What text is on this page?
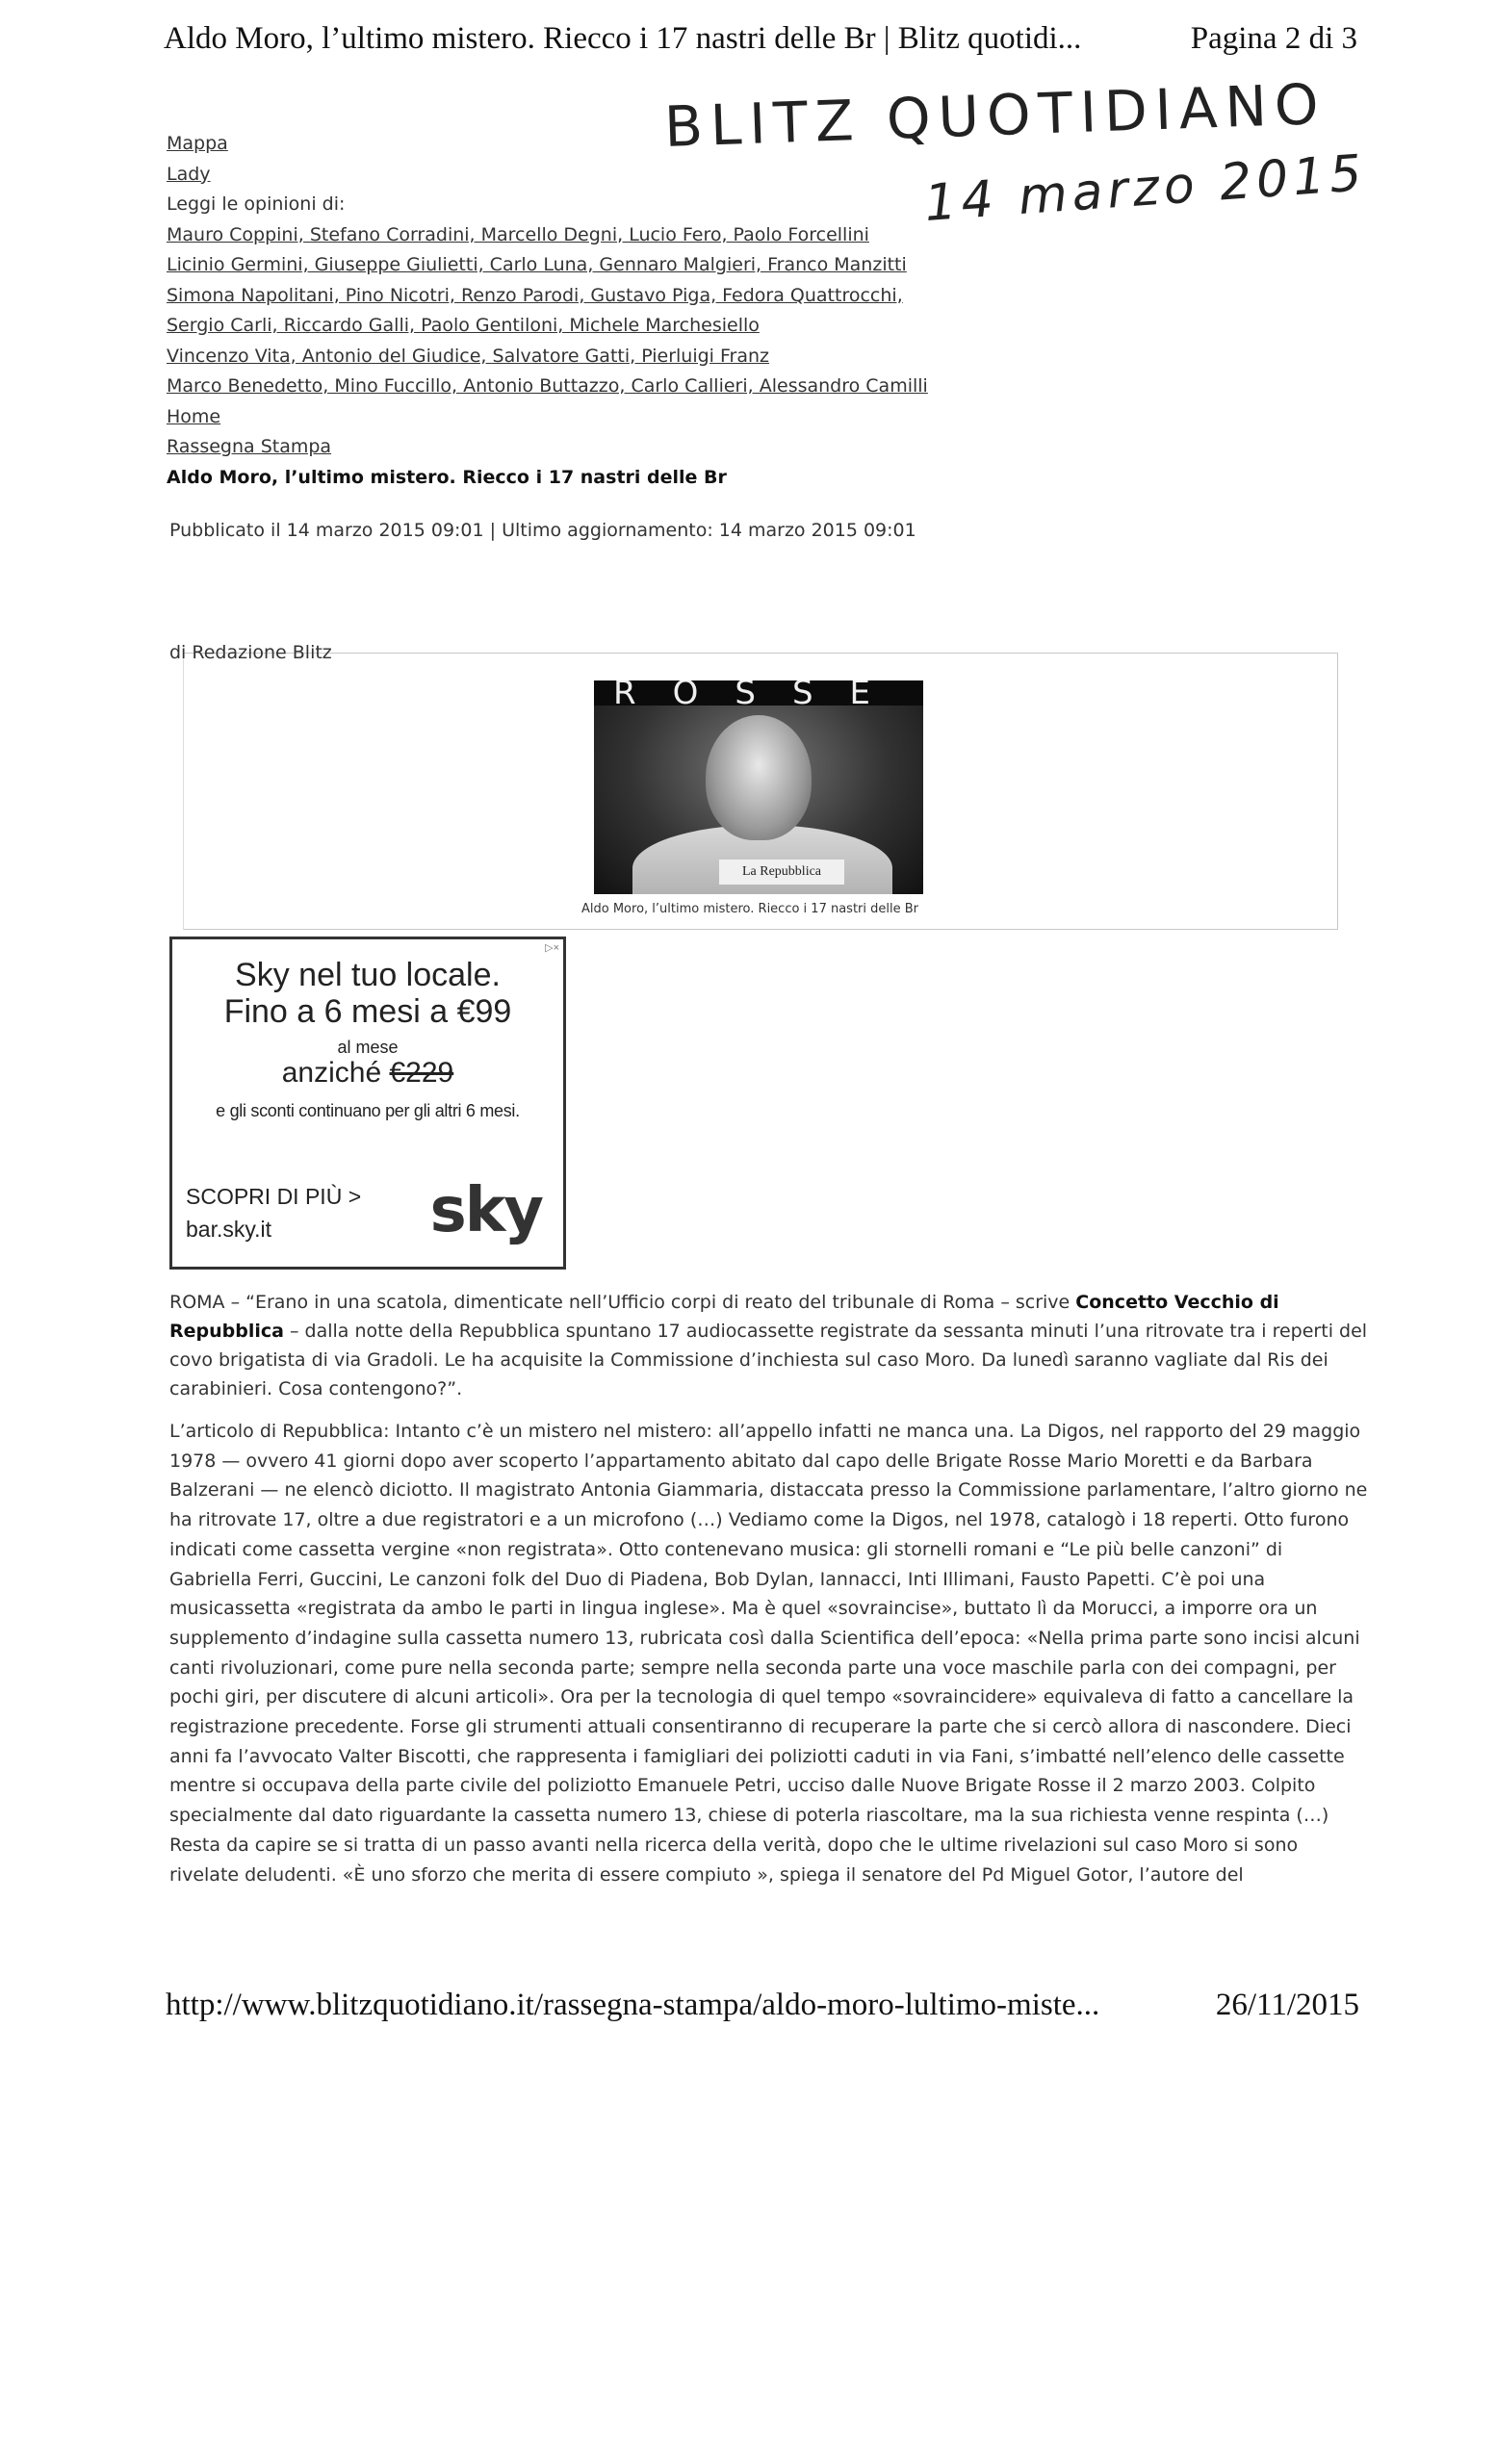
Aldo Moro, l’ultimo mistero. Riecco i 17 nastri delle Br | Blitz quotidi...	Pagina 2 di 3
BLITZ QUOTIDIANO
14 marzo 2015
Mappa
Lady
Leggi le opinioni di:
Mauro Coppini, Stefano Corradini, Marcello Degni, Lucio Fero, Paolo Forcellini
Licinio Germini, Giuseppe Giulietti, Carlo Luna, Gennaro Malgieri, Franco Manzitti
Simona Napolitani, Pino Nicotri, Renzo Parodi, Gustavo Piga, Fedora Quattrocchi,
Sergio Carli, Riccardo Galli, Paolo Gentiloni, Michele Marchesiello
Vincenzo Vita, Antonio del Giudice, Salvatore Gatti, Pierluigi Franz
Marco Benedetto, Mino Fuccillo, Antonio Buttazzo, Carlo Callieri, Alessandro Camilli
Home
Rassegna Stampa
Aldo Moro, l’ultimo mistero. Riecco i 17 nastri delle Br
Pubblicato il 14 marzo 2015 09:01 | Ultimo aggiornamento: 14 marzo 2015 09:01
di Redazione Blitz
ROSSE
La Repubblica
Aldo Moro, l’ultimo mistero. Riecco i 17 nastri delle Br
▷×
Sky nel tuo locale.
Fino a 6 mesi a €99
al mese
anziché €229
e gli sconti continuano per gli altri 6 mesi.
SCOPRI DI PIÙ >
bar.sky.it	sky
ROMA – “Erano in una scatola, dimenticate nell’Ufficio corpi di reato del tribunale di Roma – scrive Concetto Vecchio di Repubblica – dalla notte della Repubblica spuntano 17 audiocassette registrate da sessanta minuti l’una ritrovate tra i reperti del covo brigatista di via Gradoli. Le ha acquisite la Commissione d’inchiesta sul caso Moro. Da lunedì saranno vagliate dal Ris dei carabinieri. Cosa contengono?”.
L’articolo di Repubblica: Intanto c’è un mistero nel mistero: all’appello infatti ne manca una. La Digos, nel rapporto del 29 maggio 1978 — ovvero 41 giorni dopo aver scoperto l’appartamento abitato dal capo delle Brigate Rosse Mario Moretti e da Barbara Balzerani — ne elencò diciotto. Il magistrato Antonia Giammaria, distaccata presso la Commissione parlamentare, l’altro giorno ne ha ritrovate 17, oltre a due registratori e a un microfono (…) Vediamo come la Digos, nel 1978, catalogò i 18 reperti. Otto furono indicati come cassetta vergine «non registrata». Otto contenevano musica: gli stornelli romani e “Le più belle canzoni” di Gabriella Ferri, Guccini, Le canzoni folk del Duo di Piadena, Bob Dylan, Iannacci, Inti Illimani, Fausto Papetti. C’è poi una musicassetta «registrata da ambo le parti in lingua inglese». Ma è quel «sovraincise», buttato lì da Morucci, a imporre ora un supplemento d’indagine sulla cassetta numero 13, rubricata così dalla Scientifica dell’epoca: «Nella prima parte sono incisi alcuni canti rivoluzionari, come pure nella seconda parte; sempre nella seconda parte una voce maschile parla con dei compagni, per pochi giri, per discutere di alcuni articoli». Ora per la tecnologia di quel tempo «sovraincidere» equivaleva di fatto a cancellare la registrazione precedente. Forse gli strumenti attuali consentiranno di recuperare la parte che si cercò allora di nascondere. Dieci anni fa l’avvocato Valter Biscotti, che rappresenta i famigliari dei poliziotti caduti in via Fani, s’imbatté nell’elenco delle cassette mentre si occupava della parte civile del poliziotto Emanuele Petri, ucciso dalle Nuove Brigate Rosse il 2 marzo 2003. Colpito specialmente dal dato riguardante la cassetta numero 13, chiese di poterla riascoltare, ma la sua richiesta venne respinta (…) Resta da capire se si tratta di un passo avanti nella ricerca della verità, dopo che le ultime rivelazioni sul caso Moro si sono rivelate deludenti. «È uno sforzo che merita di essere compiuto », spiega il senatore del Pd Miguel Gotor, l’autore del
http://www.blitzquotidiano.it/rassegna-stampa/aldo-moro-lultimo-miste...	26/11/2015
